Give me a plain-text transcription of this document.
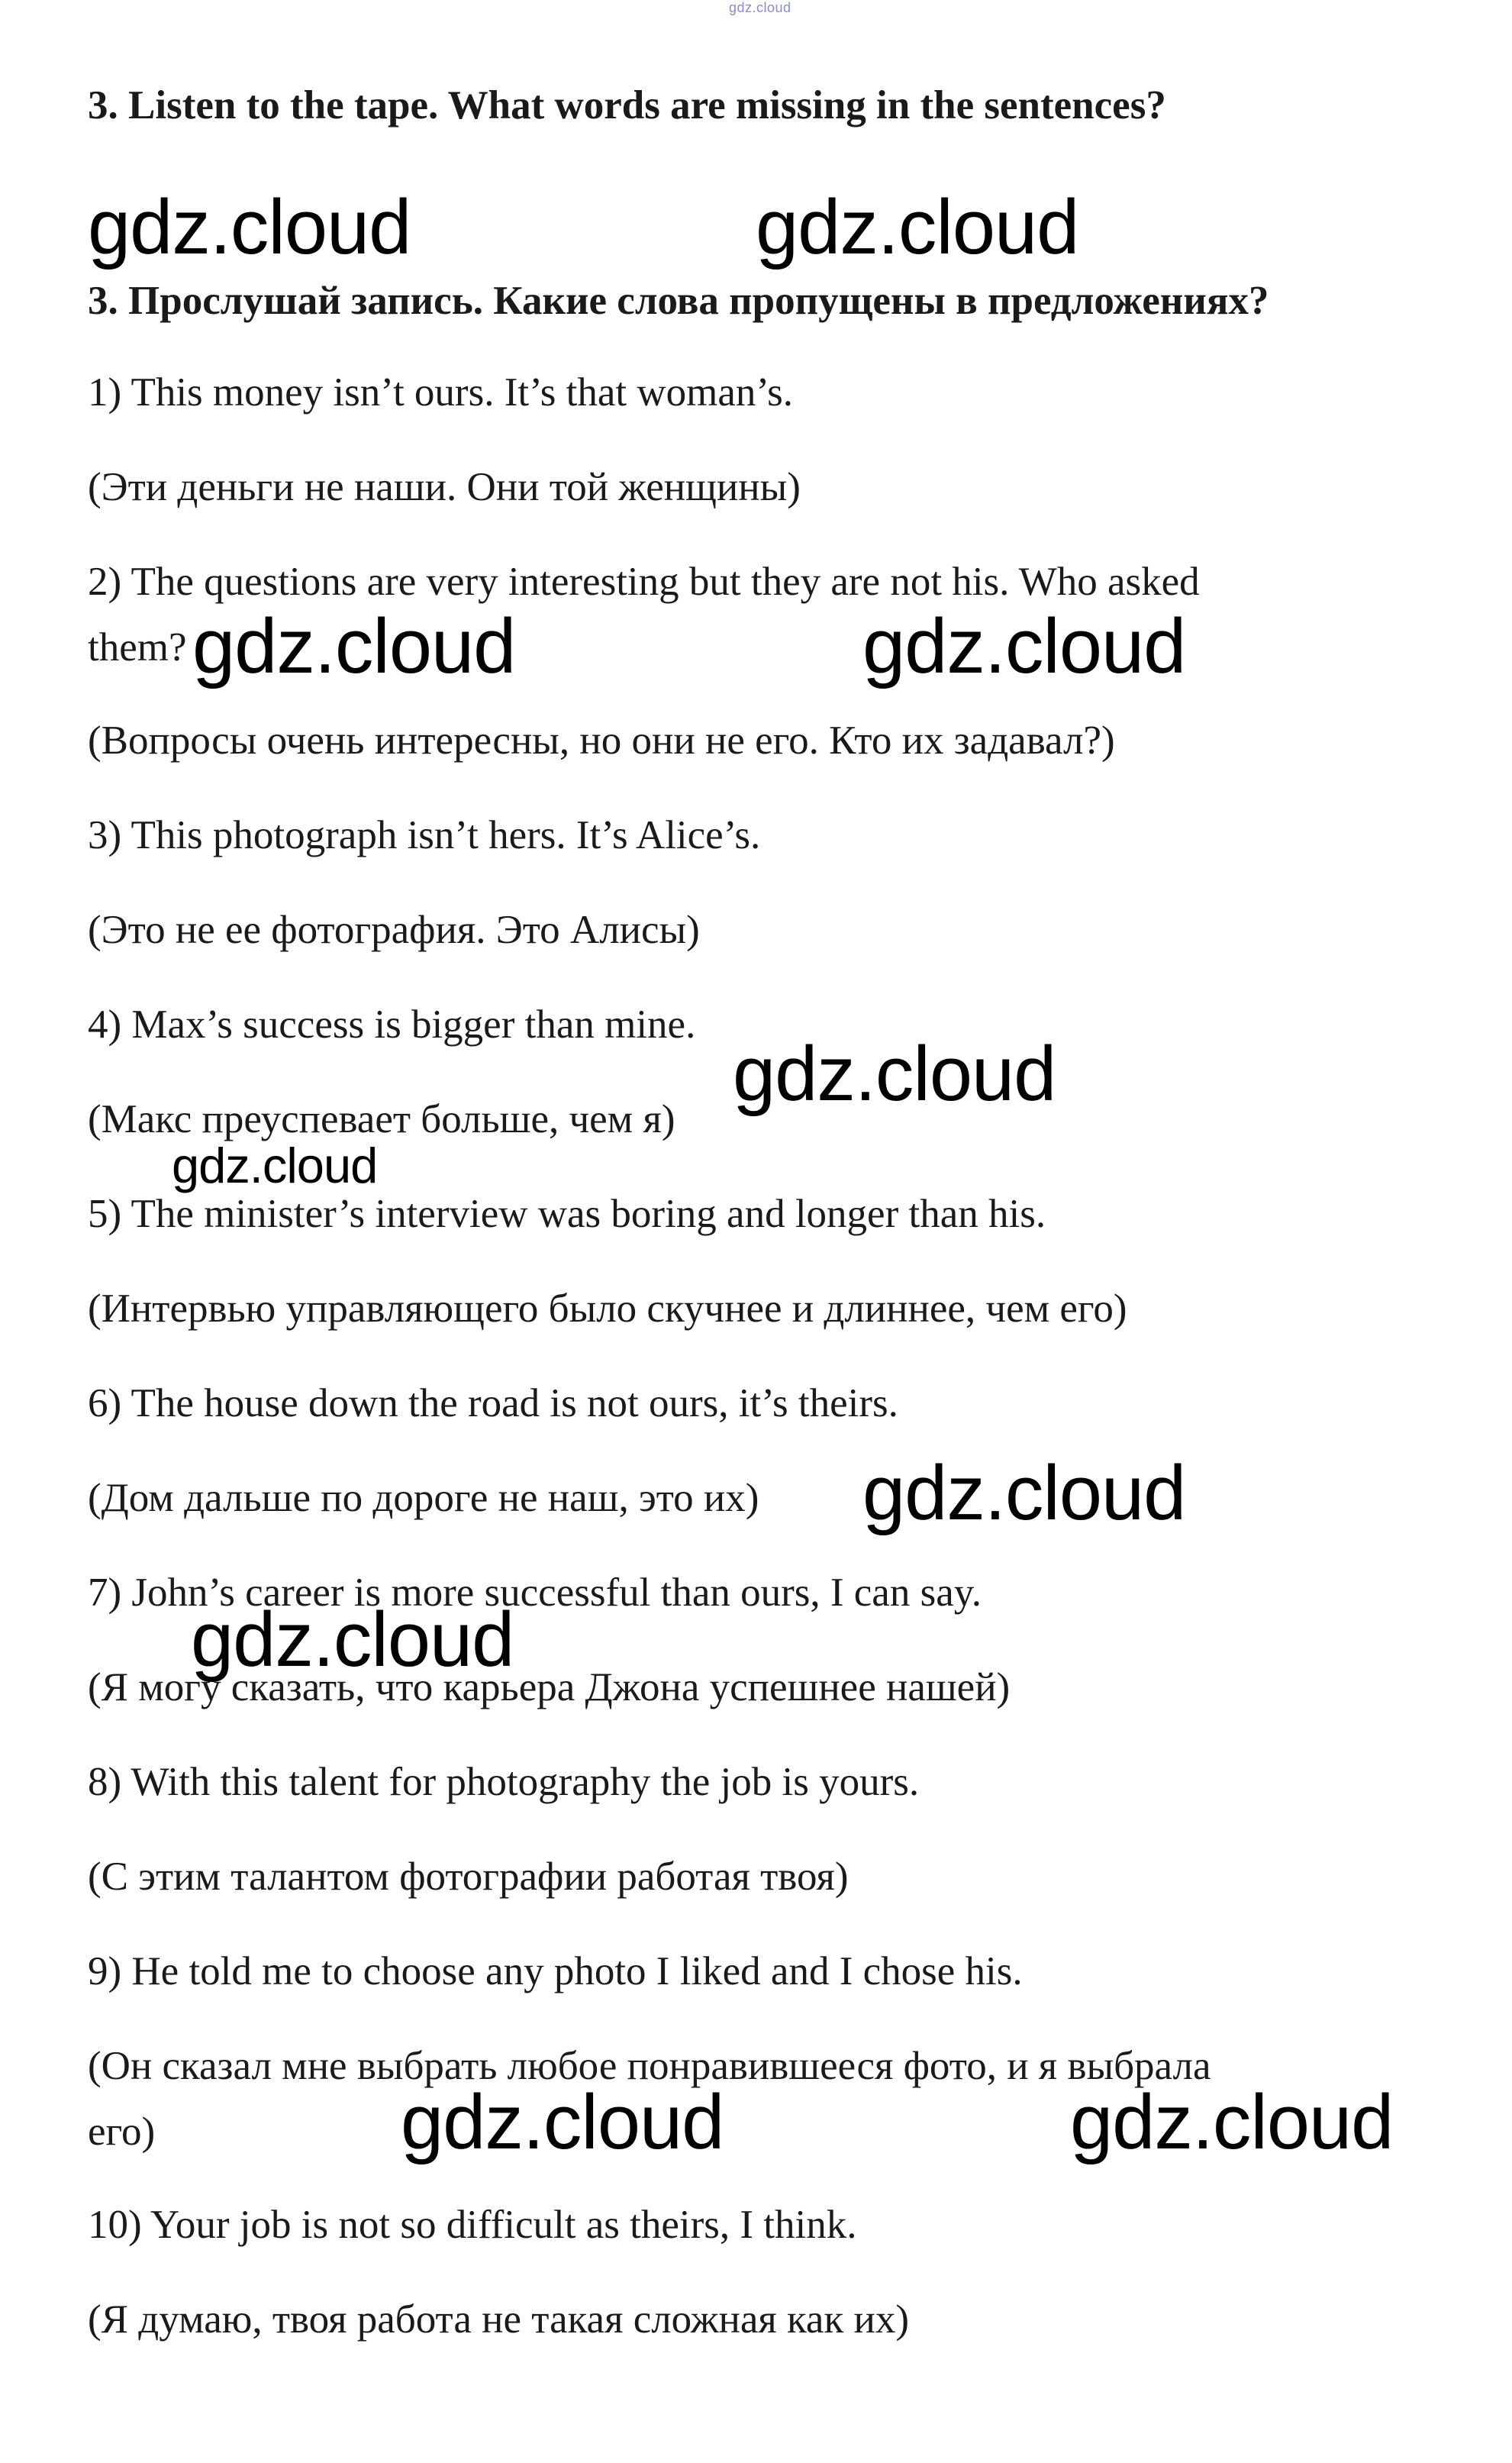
gdz.cloud
3. Listen to the tape. What words are missing in the sentences?
gdz.cloud	gdz.cloud
3. Прослушай запись. Какие слова пропущены в предложениях?
1) This money isn’t ours. It’s that woman’s.
(Эти деньги не наши. Они той женщины)
2) The questions are very interesting but they are not his. Who asked
them? gdz.cloud	gdz.cloud
(Вопросы очень интересны, но они не его. Кто их задавал?)
3) This photograph isn’t hers. It’s Alice’s.
(Это не ее фотография. Это Алисы)
4) Max’s success is bigger than mine.
gdz.cloud
(Макс преуспевает больше, чем я)
gdz.cloud
5) The minister’s interview was boring and longer than his.
(Интервью управляющего было скучнее и длиннее, чем его)
6) The house down the road is not ours, it’s theirs.
(Дом дальше по дороге не наш, это их)	gdz.cloud
7) John’s career is more successful than ours, I can say.
gdz.cloud
(Я могу сказать, что карьера Джона успешнее нашей)
8) With this talent for photography the job is yours.
(С этим талантом фотографии работая твоя)
9) He told me to choose any photo I liked and I chose his.
(Он сказал мне выбрать любое понравившееся фото, и я выбрала
его)	gdz.cloud	gdz.cloud
10) Your job is not so difficult as theirs, I think.
(Я думаю, твоя работа не такая сложная как их)
